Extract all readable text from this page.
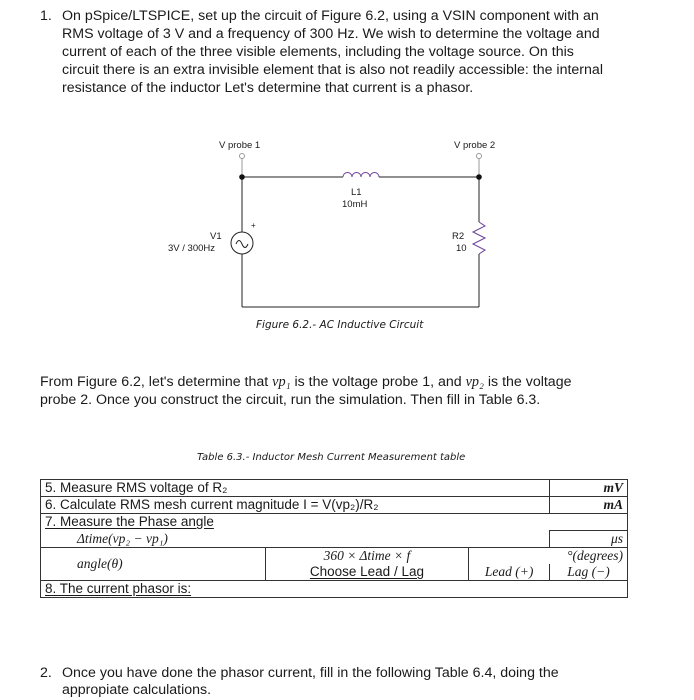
1. On pSpice/LTSPICE, set up the circuit of Figure 6.2, using a VSIN component with an
RMS voltage of 3 V and a frequency of 300 Hz. We wish to determine the voltage and
current of each of the three visible elements, including the voltage source. On this
circuit there is an extra invisible element that is also not readily accessible: the internal
resistance of the inductor Let's determine that current is a phasor.
V probe 1	V probe 2
L1
10mH
V1
3V / 300Hz
+
R2
10
Figure 6.2.- AC Inductive Circuit
From Figure 6.2, let's determine that vp₁ is the voltage probe 1, and vp₂ is the voltage
probe 2. Once you construct the circuit, run the simulation. Then fill in Table 6.3.
Table 6.3.- Inductor Mesh Current Measurement table
5. Measure RMS voltage of R₂			mV
6. Calculate RMS mesh current magnitude I = V(vp₂)/R₂			mA
7. Measure the Phase angle			
Δtime(vp₂ − vp₁)			μs
angle(θ)	360 × Δtime × f	°(degrees)	
	Choose Lead / Lag	Lead (+)	Lag (−)
8. The current phasor is:			
2. Once you have done the phasor current, fill in the following Table 6.4, doing the
appropiate calculations.
